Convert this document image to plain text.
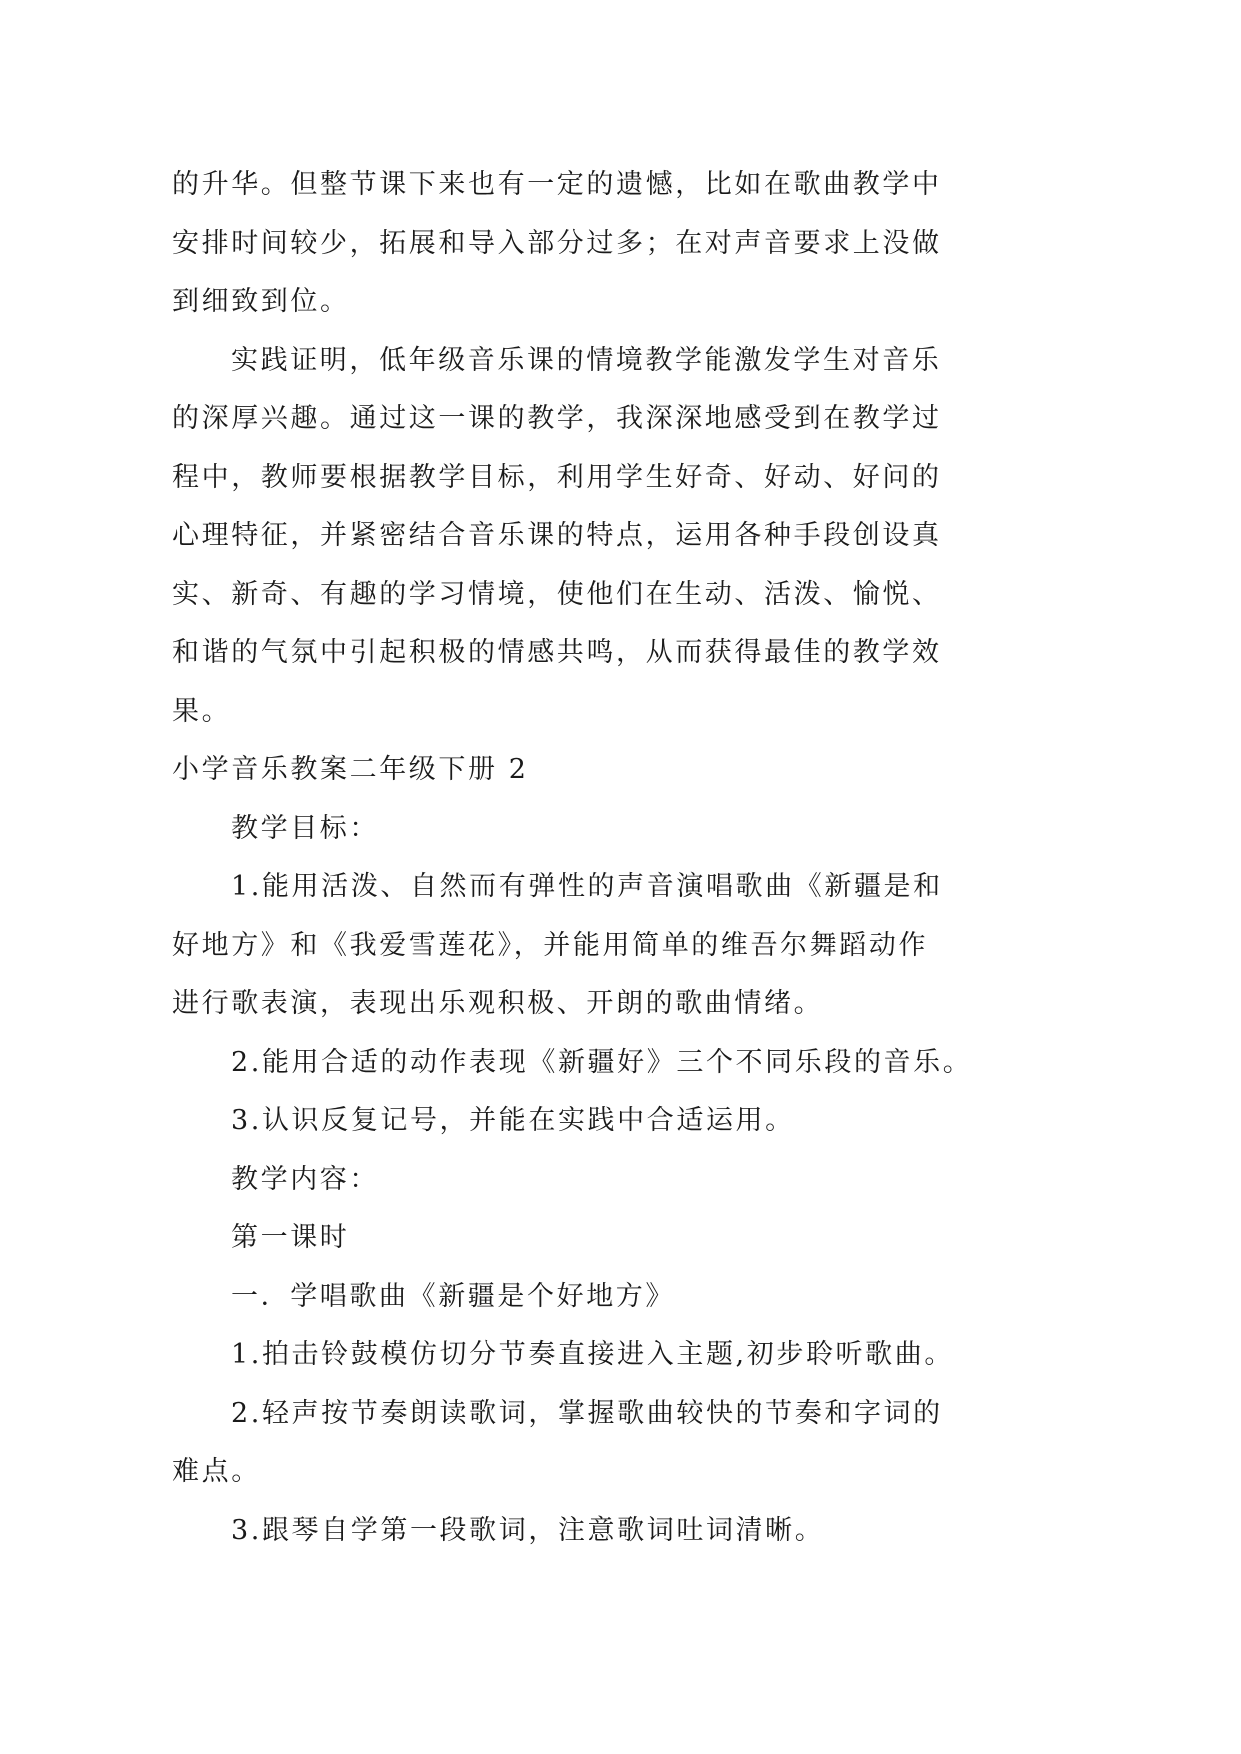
的升华。但整节课下来也有一定的遗憾，比如在歌曲教学中
安排时间较少，拓展和导入部分过多；在对声音要求上没做
到细致到位。
实践证明，低年级音乐课的情境教学能激发学生对音乐
的深厚兴趣。通过这一课的教学，我深深地感受到在教学过
程中，教师要根据教学目标，利用学生好奇、好动、好问的
心理特征，并紧密结合音乐课的特点，运用各种手段创设真
实、新奇、有趣的学习情境，使他们在生动、活泼、愉悦、
和谐的气氛中引起积极的情感共鸣，从而获得最佳的教学效
果。
小学音乐教案二年级下册 2
教学目标：
1.能用活泼、自然而有弹性的声音演唱歌曲《新疆是和
好地方》和《我爱雪莲花》，并能用简单的维吾尔舞蹈动作
进行歌表演，表现出乐观积极、开朗的歌曲情绪。
2.能用合适的动作表现《新疆好》三个不同乐段的音乐。
3.认识反复记号，并能在实践中合适运用。
教学内容：
第一课时
一．学唱歌曲《新疆是个好地方》
1.拍击铃鼓模仿切分节奏直接进入主题,初步聆听歌曲。
2.轻声按节奏朗读歌词，掌握歌曲较快的节奏和字词的
难点。
3.跟琴自学第一段歌词，注意歌词吐词清晰。
